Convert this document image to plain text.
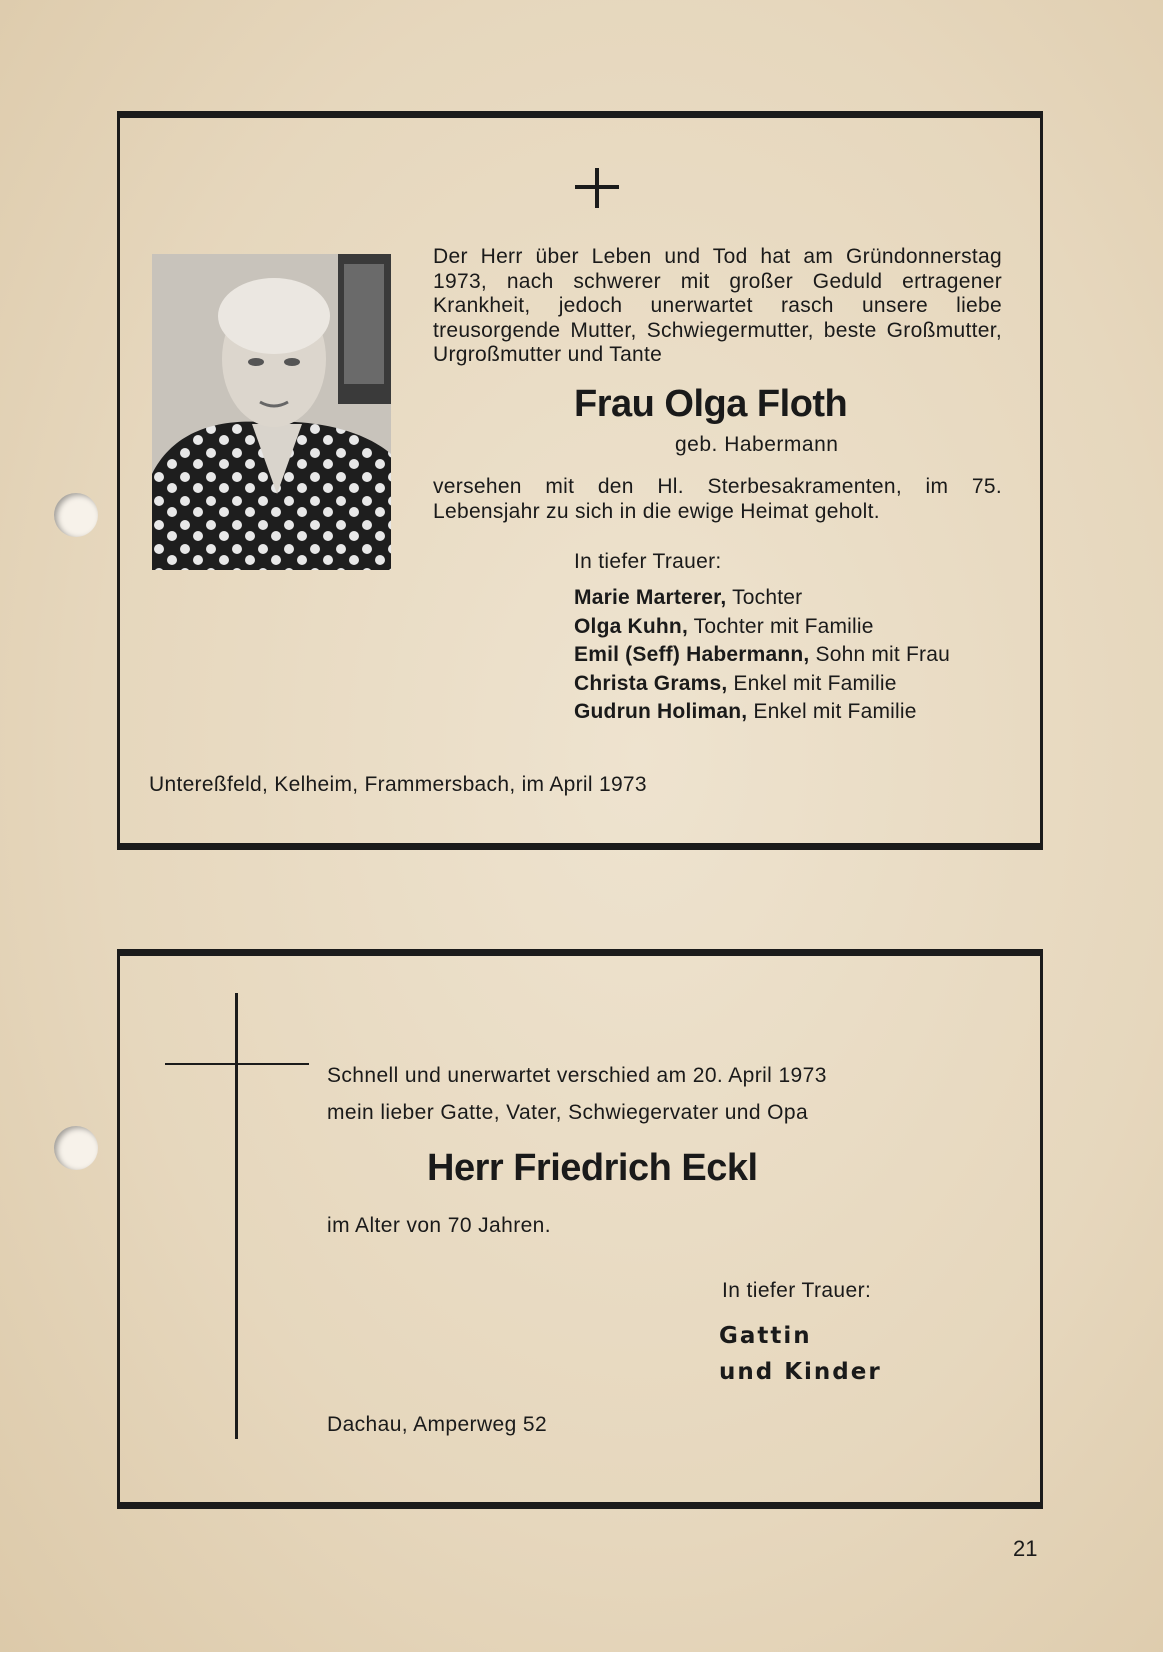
Der Herr über Leben und Tod hat am Gründonnerstag 1973, nach schwerer mit großer Geduld ertragener Krankheit, jedoch unerwartet rasch unsere liebe treusorgende Mutter, Schwiegermutter, beste Großmutter, Urgroßmutter und Tante
Frau Olga Floth
geb. Habermann
versehen mit den Hl. Sterbesakramenten, im 75. Lebensjahr zu sich in die ewige Heimat geholt.
In tiefer Trauer:
Marie Marterer, Tochter
Olga Kuhn, Tochter mit Familie
Emil (Seff) Habermann, Sohn mit Frau
Christa Grams, Enkel mit Familie
Gudrun Holiman, Enkel mit Familie
Untereßfeld, Kelheim, Frammersbach, im April 1973
Schnell und unerwartet verschied am 20. April 1973
mein lieber Gatte, Vater, Schwiegervater und Opa
Herr Friedrich Eckl
im Alter von 70 Jahren.
In tiefer Trauer:
Gattin
und Kinder
Dachau, Amperweg 52
21
